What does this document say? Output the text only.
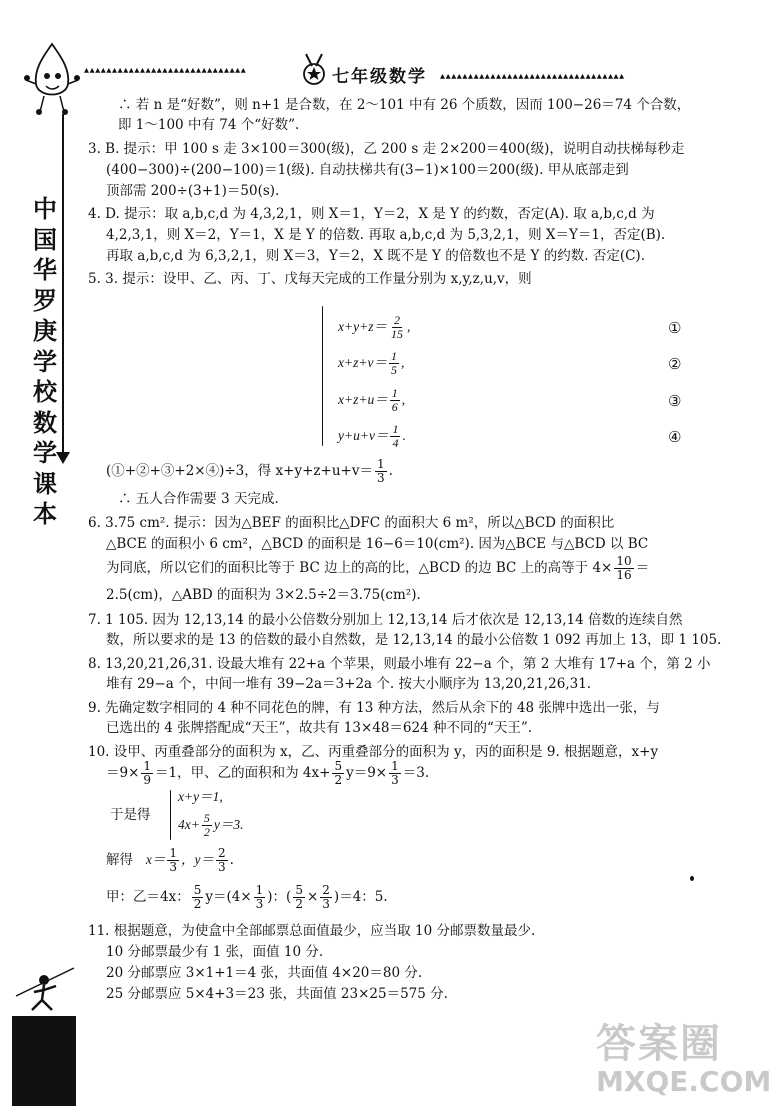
▲▲▲▲▲▲▲▲▲▲▲▲▲▲▲▲▲▲▲▲▲▲▲▲▲▲▲▲▲	七年级数学 ▲▲▲▲▲▲▲▲▲▲▲▲▲▲▲▲▲▲▲▲▲▲▲▲▲▲▲▲▲▲▲▲▲
中
国
华
罗
庚
学
校
数
学
课
本
∴ 若 n 是“好数”，则 n+1 是合数，在 2～101 中有 26 个质数，因而 100−26＝74 个合数，
即 1～100 中有 74 个“好数”.
3. B. 提示：甲 100 s 走 3×100＝300(级)，乙 200 s 走 2×200＝400(级)，说明自动扶梯每秒走
(400−300)÷(200−100)＝1(级). 自动扶梯共有(3−1)×100＝200(级). 甲从底部走到
顶部需 200÷(3+1)＝50(s).
4. D. 提示：取 a,b,c,d 为 4,3,2,1，则 X＝1，Y＝2，X 是 Y 的约数，否定(A). 取 a,b,c,d 为
4,2,3,1，则 X＝2，Y＝1，X 是 Y 的倍数. 再取 a,b,c,d 为 5,3,2,1，则 X＝Y＝1，否定(B).
再取 a,b,c,d 为 6,3,2,1，则 X＝3，Y＝2，X 既不是 Y 的倍数也不是 Y 的约数. 否定(C).
5. 3. 提示：设甲、乙、丙、丁、戊每天完成的工作量分别为 x,y,z,u,v，则
$x+y+z= \frac{2}{15}$ ,
$x+z+v= \frac{1}{5}$ ,
$x+z+u= \frac{1}{6}$ ,
$y+u+v= \frac{1}{4}$ .
①
②
③
④
(①+②+③+2×④)÷3，得 $x+y+z+u+v= \frac{1}{3}$ .
∴ 五人合作需要 3 天完成.
6. 3.75 cm². 提示：因为△BEF 的面积比△DFC 的面积大 6 m²，所以△BCD 的面积比
△BCE 的面积小 6 cm²，△BCD 的面积是 16−6＝10(cm²). 因为△BCE 与△BCD 以 BC
为同底，所以它们的面积比等于 BC 边上的高的比，△BCD 的边 BC 上的高等于 $4\times \frac{10}{16}$ ＝
2.5(cm)，△ABD 的面积为 3×2.5÷2＝3.75(cm²).
7. 1 105. 因为 12,13,14 的最小公倍数分别加上 12,13,14 后才依次是 12,13,14 倍数的连续自然
数，所以要求的是 13 的倍数的最小自然数，是 12,13,14 的最小公倍数 1 092 再加上 13，即 1 105.
8. 13,20,21,26,31. 设最大堆有 22+a 个苹果，则最小堆有 22−a 个，第 2 大堆有 17+a 个，第 2 小
堆有 29−a 个，中间一堆有 39−2a＝3+2a 个. 按大小顺序为 13,20,21,26,31.
9. 先确定数字相同的 4 种不同花色的牌，有 13 种方法，然后从余下的 48 张牌中选出一张，与
已选出的 4 张牌搭配成“天王”，故共有 13×48＝624 种不同的“天王”.
10. 设甲、丙重叠部分的面积为 x，乙、丙重叠部分的面积为 y，丙的面积是 9. 根据题意，x+y
$=9\times \frac{1}{9} =1$，甲、乙的面积和为 $4x+ \frac{5}{2} y=9\times \frac{1}{3} =3$.
于是得
x+y＝1,
$4x+ \frac{5}{2} y=3$.
解得 $x= \frac{1}{3}$ ，$y= \frac{2}{3}$ .
甲：乙＝4x： $\frac{5}{2} y=(4\times \frac{1}{3}$ )：( $\frac{5}{2} \times \frac{2}{3} )=4$：5.
11. 根据题意，为使盒中全部邮票总面值最少，应当取 10 分邮票数量最少.
10 分邮票最少有 1 张，面值 10 分.
20 分邮票应 3×1+1＝4 张，共面值 4×20＝80 分.
25 分邮票应 5×4+3＝23 张，共面值 23×25＝575 分.
答案圈
MXQE.COM
